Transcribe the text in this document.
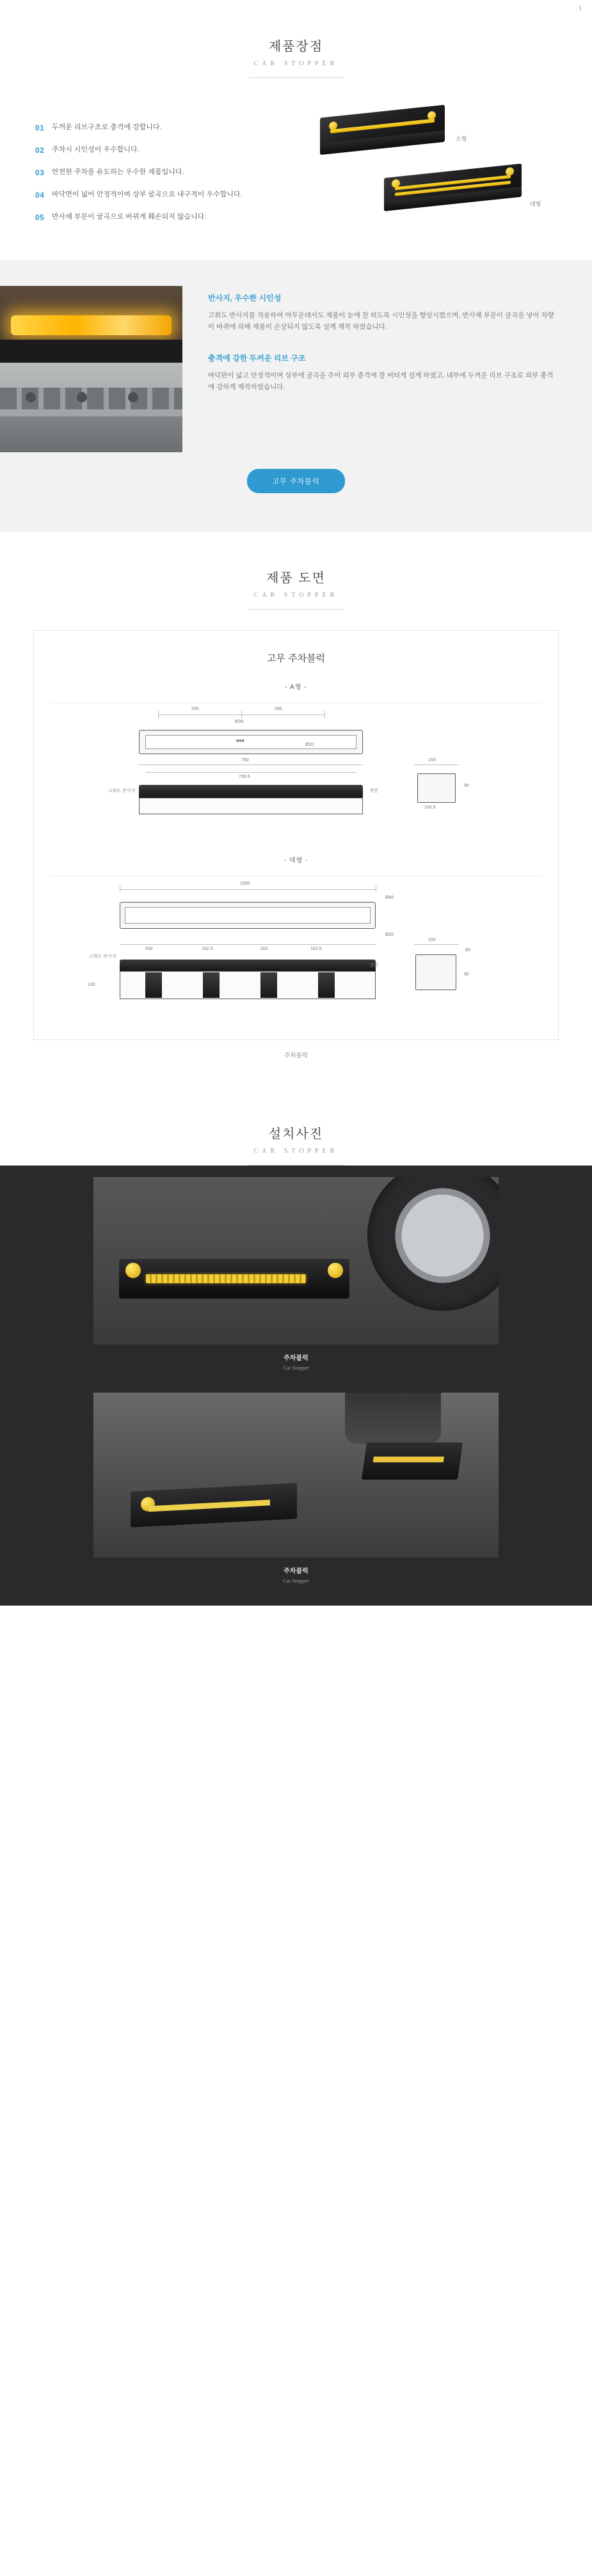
제품장점
CAR STOPPER
01	두꺼운 리브구조로 충격에 강합니다.
02	주차시 시인성이 우수합니다.
03	안전한 주차를 유도하는 우수한 제품입니다.
04	바닥면이 넓어 안정적이며 상부 굴곡으로 내구적이 우수합니다.
05	반사체 부분이 굴곡으로 바뀌게 훼손되지 않습니다.
소형
대형
반사지, 우수한 시인성

고휘도 반사지를 적용하여 야무운데서도 제품이 눈에 잘 띄도록 시인성을 향상시켰으며, 반사체 부분이 굴곡을 넣어 차량이 바퀴에 의해 제품이 손상되지 않도록 설계 제작 하였습니다.

충격에 강한 두꺼운 리브 구조

바닥판이 넓고 안정적이며 상부에 굴곡을 주어 외부 충격에 잘 버티게 설계 하였고, 내부에 두꺼운 리브 구조로 외부 충격에 강하게 제작하였습니다.

고무 주차블럭
제품 도면
CAR STOPPER
고무 주차블럭
- A형 -
255	255
Ø35
■■■
750
706.5
Ø20
고휘도 반사지	정면
150
100.5
90
- 대형 -
1000
Ø40
Ø20
500	192.5	200	102.5
고휘도 반사지
130
150
80
90
정면
주차블럭
설치사진
CAR STOPPER
1
주차블럭
Car Stopper
주차블럭
Car Stopper
